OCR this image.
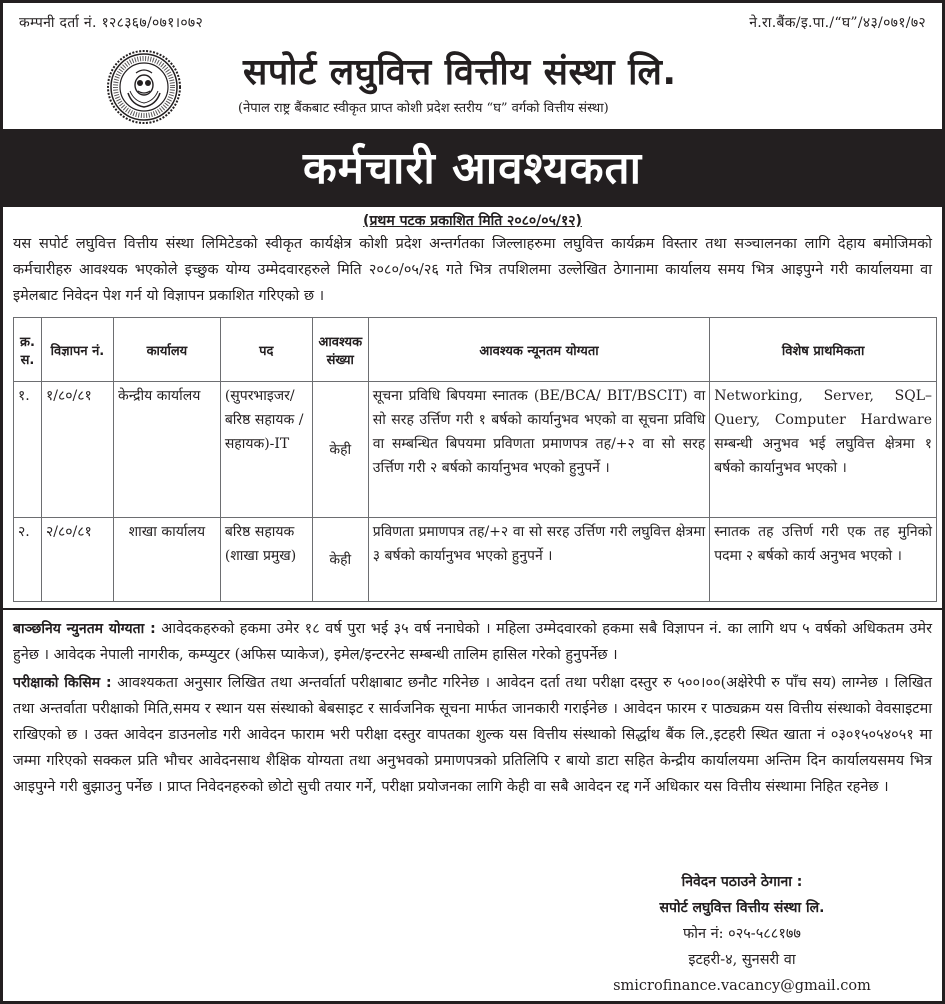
कम्पनी दर्ता नं. १२८३६७/०७१।०७२	ने.रा.बैंक/इ.पा./“घ”/४३/०७१/७२
सपोर्ट लघुवित्त वित्तीय संस्था लि.
(नेपाल राष्ट्र बैंकबाट स्वीकृत प्राप्त कोशी प्रदेश स्तरीय “घ” वर्गको वित्तीय संस्था)
कर्मचारी आवश्यकता
(प्रथम पटक प्रकाशित मिति २०८०/०५/१२)
यस सपोर्ट लघुवित्त वित्तीय संस्था लिमिटेडको स्वीकृत कार्यक्षेत्र कोशी प्रदेश अन्तर्गतका जिल्लाहरुमा लघुवित्त कार्यक्रम विस्तार तथा सञ्चालनका लागि देहाय बमोजिमको कर्मचारीहरु आवश्यक भएकोले इच्छुक योग्य उम्मेदवारहरुले मिति २०८०/०५/२६ गते भित्र तपशिलमा उल्लेखित ठेगानामा कार्यालय समय भित्र आइपुग्ने गरी कार्यालयमा वा इमेलबाट निवेदन पेश गर्न यो विज्ञापन प्रकाशित गरिएको छ ।
क्र. स.	विज्ञापन नं.	कार्यालय	पद	आवश्यक संख्या	आवश्यक न्यूनतम योग्यता	विशेष प्राथमिकता
१.	१/८०/८१	केन्द्रीय कार्यालय	(सुपरभाइजर/ बरिष्ठ सहायक /सहायक)-IT	केही	सूचना प्रविधि बिपयमा स्नातक (BE/BCA/ BIT/BSCIT) वा सो सरह उर्त्तिण गरी १ बर्षको कार्यानुभव भएको वा सूचना प्रविधि वा सम्बन्धित बिपयमा प्रविणता प्रमाणपत्र तह/+२ वा सो सरह उर्त्तिण गरी २ बर्षको कार्यानुभव भएको हुनुपर्ने ।	Networking, Server, SQL–Query, Computer Hardware सम्बन्धी अनुभव भई लघुवित्त क्षेत्रमा १ बर्षको कार्यानुभव भएको ।
२.	२/८०/८१	शाखा कार्यालय	बरिष्ठ सहायक (शाखा प्रमुख)	केही	प्रविणता प्रमाणपत्र तह/+२ वा सो सरह उर्त्तिण गरी लघुवित्त क्षेत्रमा ३ बर्षको कार्यानुभव भएको हुनुपर्ने ।	स्नातक तह उत्तिर्ण गरी एक तह मुनिको पदमा २ बर्षको कार्य अनुभव भएको ।
बाञ्छनिय न्युनतम योग्यता : आवेदकहरुको हकमा उमेर १८ वर्ष पुरा भई ३५ वर्ष ननाघेको । महिला उम्मेदवारको हकमा सबै विज्ञापन नं. का लागि थप ५ वर्षको अधिकतम उमेर हुनेछ । आवेदक नेपाली नागरीक, कम्प्युटर (अफिस प्याकेज), इमेल/इन्टरनेट सम्बन्धी तालिम हासिल गरेको हुनुपर्नेछ ।
परीक्षाको किसिम : आवश्यकता अनुसार लिखित तथा अन्तर्वार्ता परीक्षाबाट छनौट गरिनेछ । आवेदन दर्ता तथा परीक्षा दस्तुर रु ५००।००(अक्षेरेपी रु पाँच सय) लाग्नेछ । लिखित तथा अन्तर्वाता परीक्षाको मिति,समय र स्थान यस संस्थाको बेबसाइट र सार्वजनिक सूचना मार्फत जानकारी गराईनेछ । आवेदन फारम र पाठ्यक्रम यस वित्तीय संस्थाको वेवसाइटमा राखिएको छ । उक्त आवेदन डाउनलोड गरी आवेदन फाराम भरी परीक्षा दस्तुर वापतका शुल्क यस वित्तीय संस्थाको सिर्द्धाथ बैंक लि.,इटहरी स्थित खाता नं ०३०१५०५४०५१ मा जम्मा गरिएको सक्कल प्रति भौचर आवेदनसाथ शैक्षिक योग्यता तथा अनुभवको प्रमाणपत्रको प्रतिलिपि र बायो डाटा सहित केन्द्रीय कार्यालयमा अन्तिम दिन कार्यालयसमय भित्र आइपुग्ने गरी बुझाउनु पर्नेछ । प्राप्त निवेदनहरुको छोटो सुची तयार गर्ने, परीक्षा प्रयोजनका लागि केही वा सबै आवेदन रद्द गर्ने अधिकार यस वित्तीय संस्थामा निहित रहनेछ ।
निवेदन पठाउने ठेगाना :
सपोर्ट लघुवित्त वित्तीय संस्था लि.
फोन नं: ०२५-५८८१७७
इटहरी-४, सुनसरी वा
smicrofinance.vacancy@gmail.com
